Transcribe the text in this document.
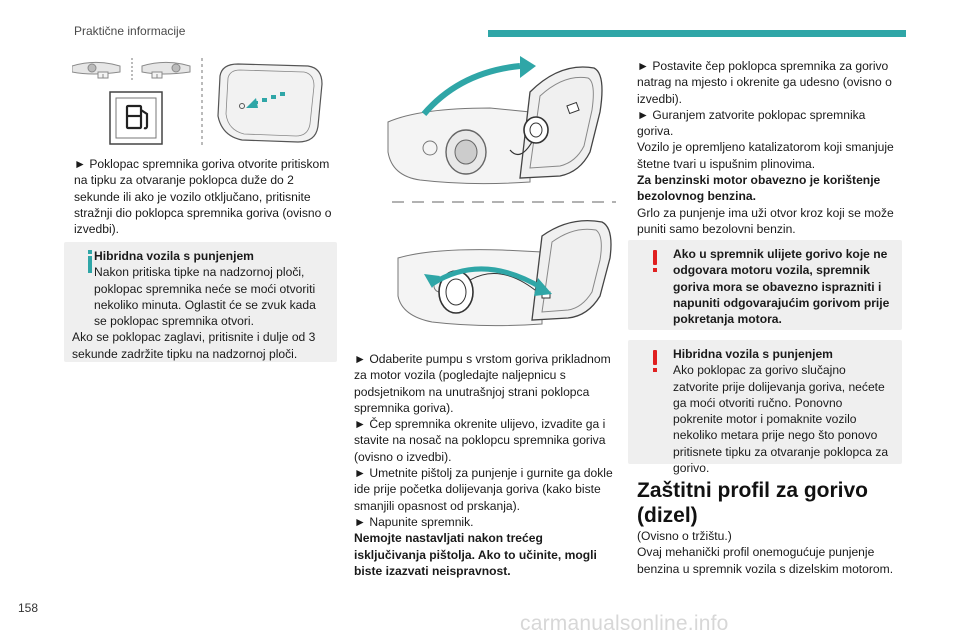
Praktične informacije
► Poklopac spremnika goriva otvorite pritiskom na tipku za otvaranje poklopca duže do 2 sekunde ili ako je vozilo otključano, pritisnite stražnji dio poklopca spremnika goriva (ovisno o izvedbi).
Hibridna vozila s punjenjem
Nakon pritiska tipke na nadzornoj ploči, poklopac spremnika neće se moći otvoriti nekoliko minuta. Oglastit će se zvuk kada se poklopac spremnika otvori.
Ako se poklopac zaglavi, pritisnite i dulje od 3 sekunde zadržite tipku na nadzornoj ploči.	► Odaberite pumpu s vrstom goriva prikladnom za motor vozila (pogledajte naljepnicu s podsjetnikom na unutrašnjoj strani poklopca spremnika goriva).

► Čep spremnika okrenite ulijevo, izvadite ga i stavite na nosač na poklopcu spremnika goriva (ovisno o izvedbi).

► Umetnite pištolj za punjenje i gurnite ga dokle ide prije početka dolijevanja goriva (kako biste smanjili opasnost od prskanja).

► Napunite spremnik.

Nemojte nastavljati nakon trećeg isključivanja pištolja. Ako to učinite, mogli biste izazvati neispravnost.

► Postavite čep poklopca spremnika za gorivo natrag na mjesto i okrenite ga udesno (ovisno o izvedbi).

► Guranjem zatvorite poklopac spremnika goriva.

Vozilo je opremljeno katalizatorom koji smanjuje štetne tvari u ispušnim plinovima.

Za benzinski motor obavezno je korištenje bezolovnog benzina.

Grlo za punjenje ima uži otvor kroz koji se može puniti samo bezolovni benzin.

Ako u spremnik ulijete gorivo koje ne odgovara motoru vozila, spremnik goriva mora se obavezno isprazniti i napuniti odgovarajućim gorivom prije pokretanja motora.
Hibridna vozila s punjenjem
Ako poklopac za gorivo slučajno zatvorite prije dolijevanja goriva, nećete ga moći otvoriti ručno. Ponovno pokrenite motor i pomaknite vozilo nekoliko metara prije nego što ponovo pritisnete tipku za otvaranje poklopca za gorivo.
Zaštitni profil za gorivo
(dizel)

(Ovisno o tržištu.)

Ovaj mehanički profil onemogućuje punjenje benzina u spremnik vozila s dizelskim motorom.

158
carmanualsonline.info
